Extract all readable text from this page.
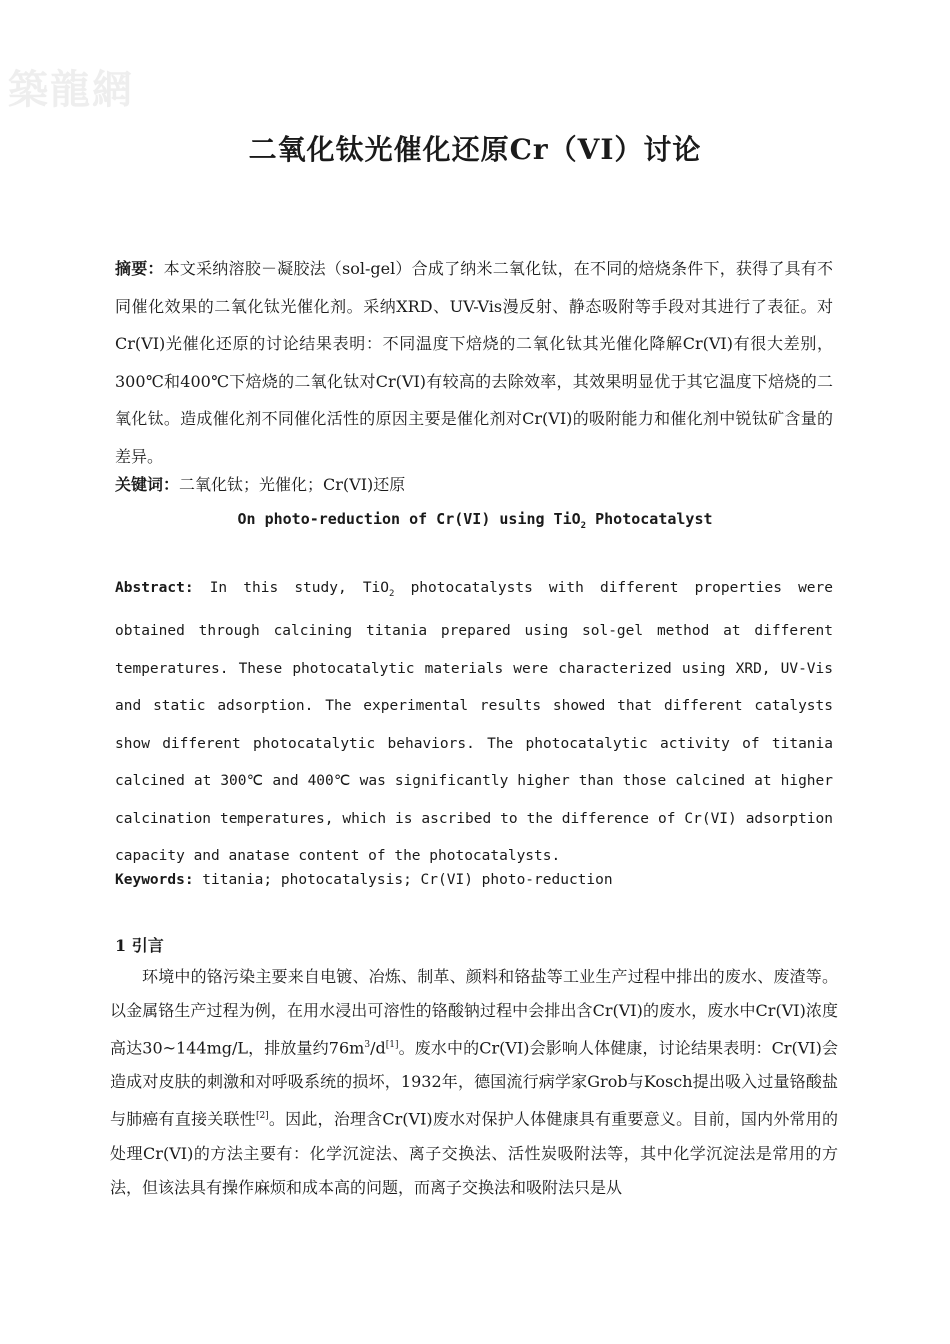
築龍網
二氧化钛光催化还原Cr（VI）讨论
摘要：本文采纳溶胶－凝胶法（sol-gel）合成了纳米二氧化钛，在不同的焙烧条件下，获得了具有不同催化效果的二氧化钛光催化剂。采纳XRD、UV-Vis漫反射、静态吸附等手段对其进行了表征。对Cr(VI)光催化还原的讨论结果表明：不同温度下焙烧的二氧化钛其光催化降解Cr(VI)有很大差别，300℃和400℃下焙烧的二氧化钛对Cr(VI)有较高的去除效率，其效果明显优于其它温度下焙烧的二氧化钛。造成催化剂不同催化活性的原因主要是催化剂对Cr(VI)的吸附能力和催化剂中锐钛矿含量的差异。
关键词：二氧化钛；光催化；Cr(VI)还原
On photo-reduction of Cr(VI) using TiO$_2$ Photocatalyst
Abstract: In this study, TiO$_2$ photocatalysts with different properties were obtained through calcining titania prepared using sol-gel method at different temperatures. These photocatalytic materials were characterized using XRD, UV-Vis and static adsorption. The experimental results showed that different catalysts show different photocatalytic behaviors. The photocatalytic activity of titania calcined at 300℃ and 400℃ was significantly higher than those calcined at higher calcination temperatures, which is ascribed to the difference of Cr(VI) adsorption capacity and anatase content of the photocatalysts.
Keywords: titania; photocatalysis; Cr(VI) photo-reduction
1 引言
环境中的铬污染主要来自电镀、冶炼、制革、颜料和铬盐等工业生产过程中排出的废水、废渣等。以金属铬生产过程为例，在用水浸出可溶性的铬酸钠过程中会排出含Cr(VI)的废水，废水中Cr(VI)浓度高达30~144mg/L，排放量约$76m^3/d[1]$。废水中的Cr(VI)会影响人体健康，讨论结果表明：Cr(VI)会造成对皮肤的刺激和对呼吸系统的损坏，1932年，德国流行病学家Grob与Kosch提出吸入过量铬酸盐与肺癌有直接关联性[2]。因此，治理含Cr(VI)废水对保护人体健康具有重要意义。目前，国内外常用的处理Cr(VI)的方法主要有：化学沉淀法、离子交换法、活性炭吸附法等，其中化学沉淀法是常用的方法，但该法具有操作麻烦和成本高的问题，而离子交换法和吸附法只是从
